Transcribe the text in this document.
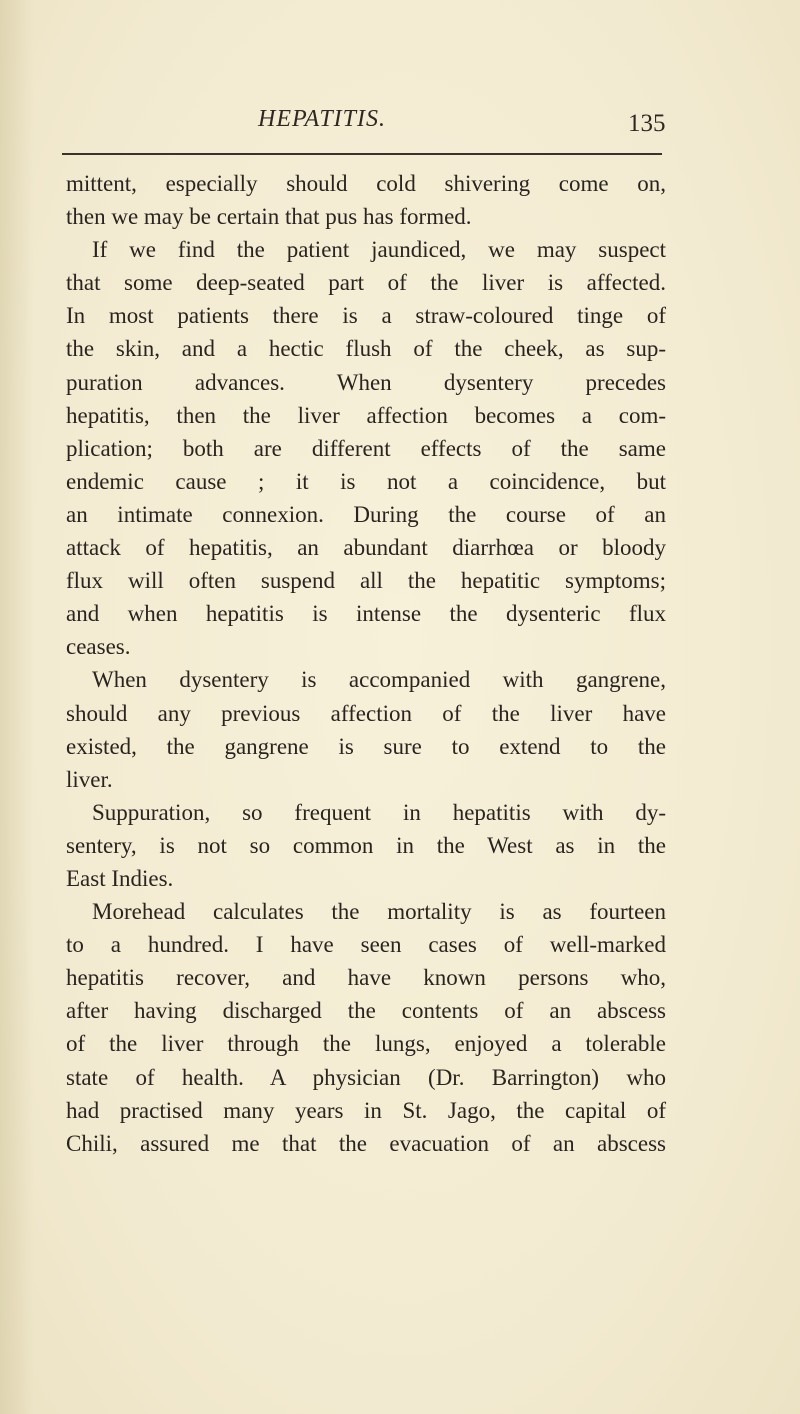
HEPATITIS.	135
mittent, especially should cold shivering come on,
then we may be certain that pus has formed.
If we find the patient jaundiced, we may suspect
that some deep-seated part of the liver is affected.
In most patients there is a straw-coloured tinge of
the skin, and a hectic flush of the cheek, as sup-
puration advances. When dysentery precedes
hepatitis, then the liver affection becomes a com-
plication; both are different effects of the same
endemic cause ; it is not a coincidence, but
an intimate connexion. During the course of an
attack of hepatitis, an abundant diarrhœa or bloody
flux will often suspend all the hepatitic symptoms;
and when hepatitis is intense the dysenteric flux
ceases.
When dysentery is accompanied with gangrene,
should any previous affection of the liver have
existed, the gangrene is sure to extend to the
liver.
Suppuration, so frequent in hepatitis with dy-
sentery, is not so common in the West as in the
East Indies.
Morehead calculates the mortality is as fourteen
to a hundred. I have seen cases of well-marked
hepatitis recover, and have known persons who,
after having discharged the contents of an abscess
of the liver through the lungs, enjoyed a tolerable
state of health. A physician (Dr. Barrington) who
had practised many years in St. Jago, the capital of
Chili, assured me that the evacuation of an abscess
